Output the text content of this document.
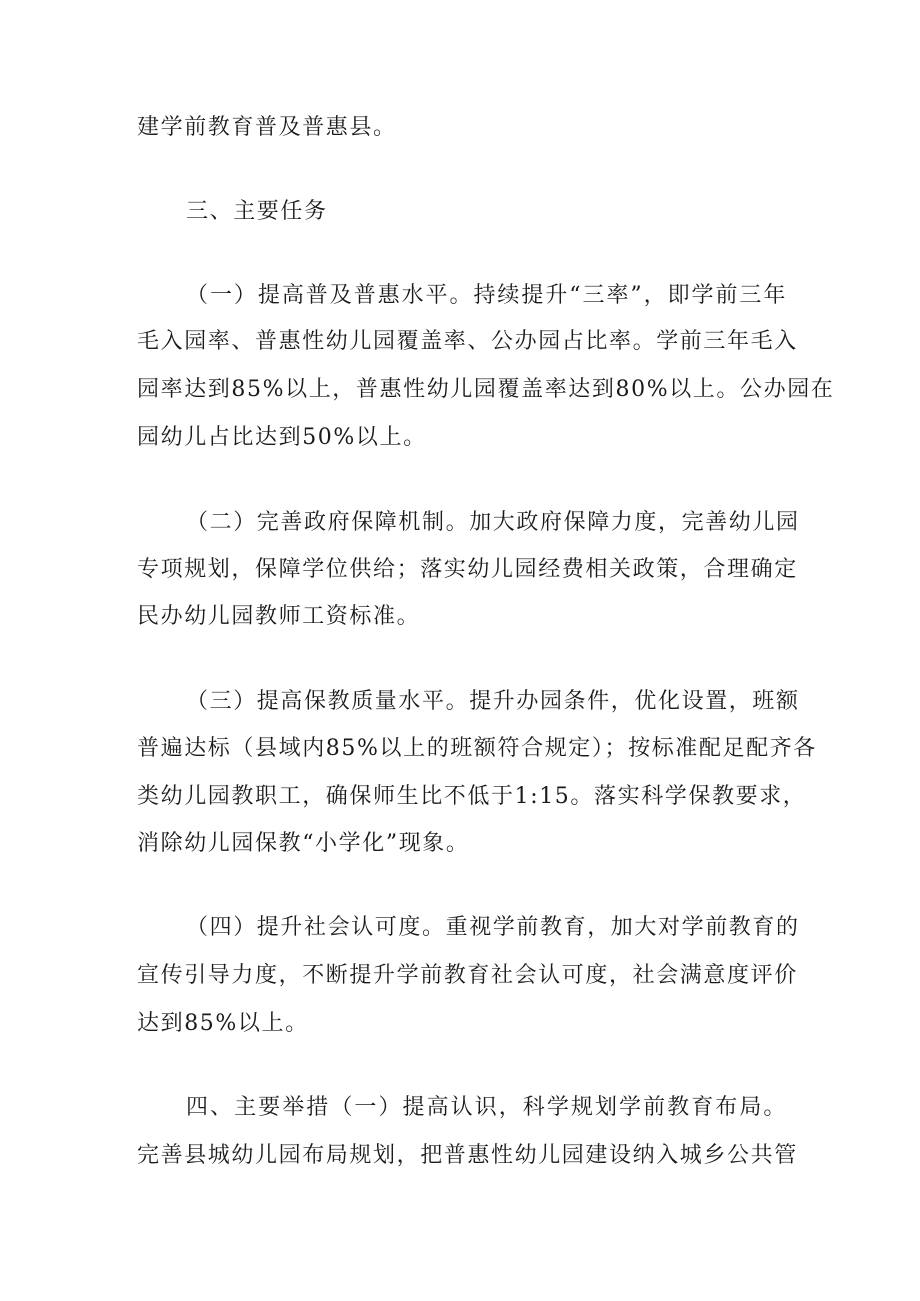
建学前教育普及普惠县。
三、主要任务
（一）提高普及普惠水平。持续提升“三率”，即学前三年
毛入园率、普惠性幼儿园覆盖率、公办园占比率。学前三年毛入
园率达到85%以上，普惠性幼儿园覆盖率达到80%以上。公办园在
园幼儿占比达到50%以上。
（二）完善政府保障机制。加大政府保障力度，完善幼儿园
专项规划，保障学位供给；落实幼儿园经费相关政策，合理确定
民办幼儿园教师工资标准。
（三）提高保教质量水平。提升办园条件，优化设置，班额
普遍达标（县域内85%以上的班额符合规定）；按标准配足配齐各
类幼儿园教职工，确保师生比不低于1:15。落实科学保教要求，
消除幼儿园保教“小学化”现象。
（四）提升社会认可度。重视学前教育，加大对学前教育的
宣传引导力度，不断提升学前教育社会认可度，社会满意度评价
达到85%以上。
四、主要举措（一）提高认识，科学规划学前教育布局。
完善县城幼儿园布局规划，把普惠性幼儿园建设纳入城乡公共管
